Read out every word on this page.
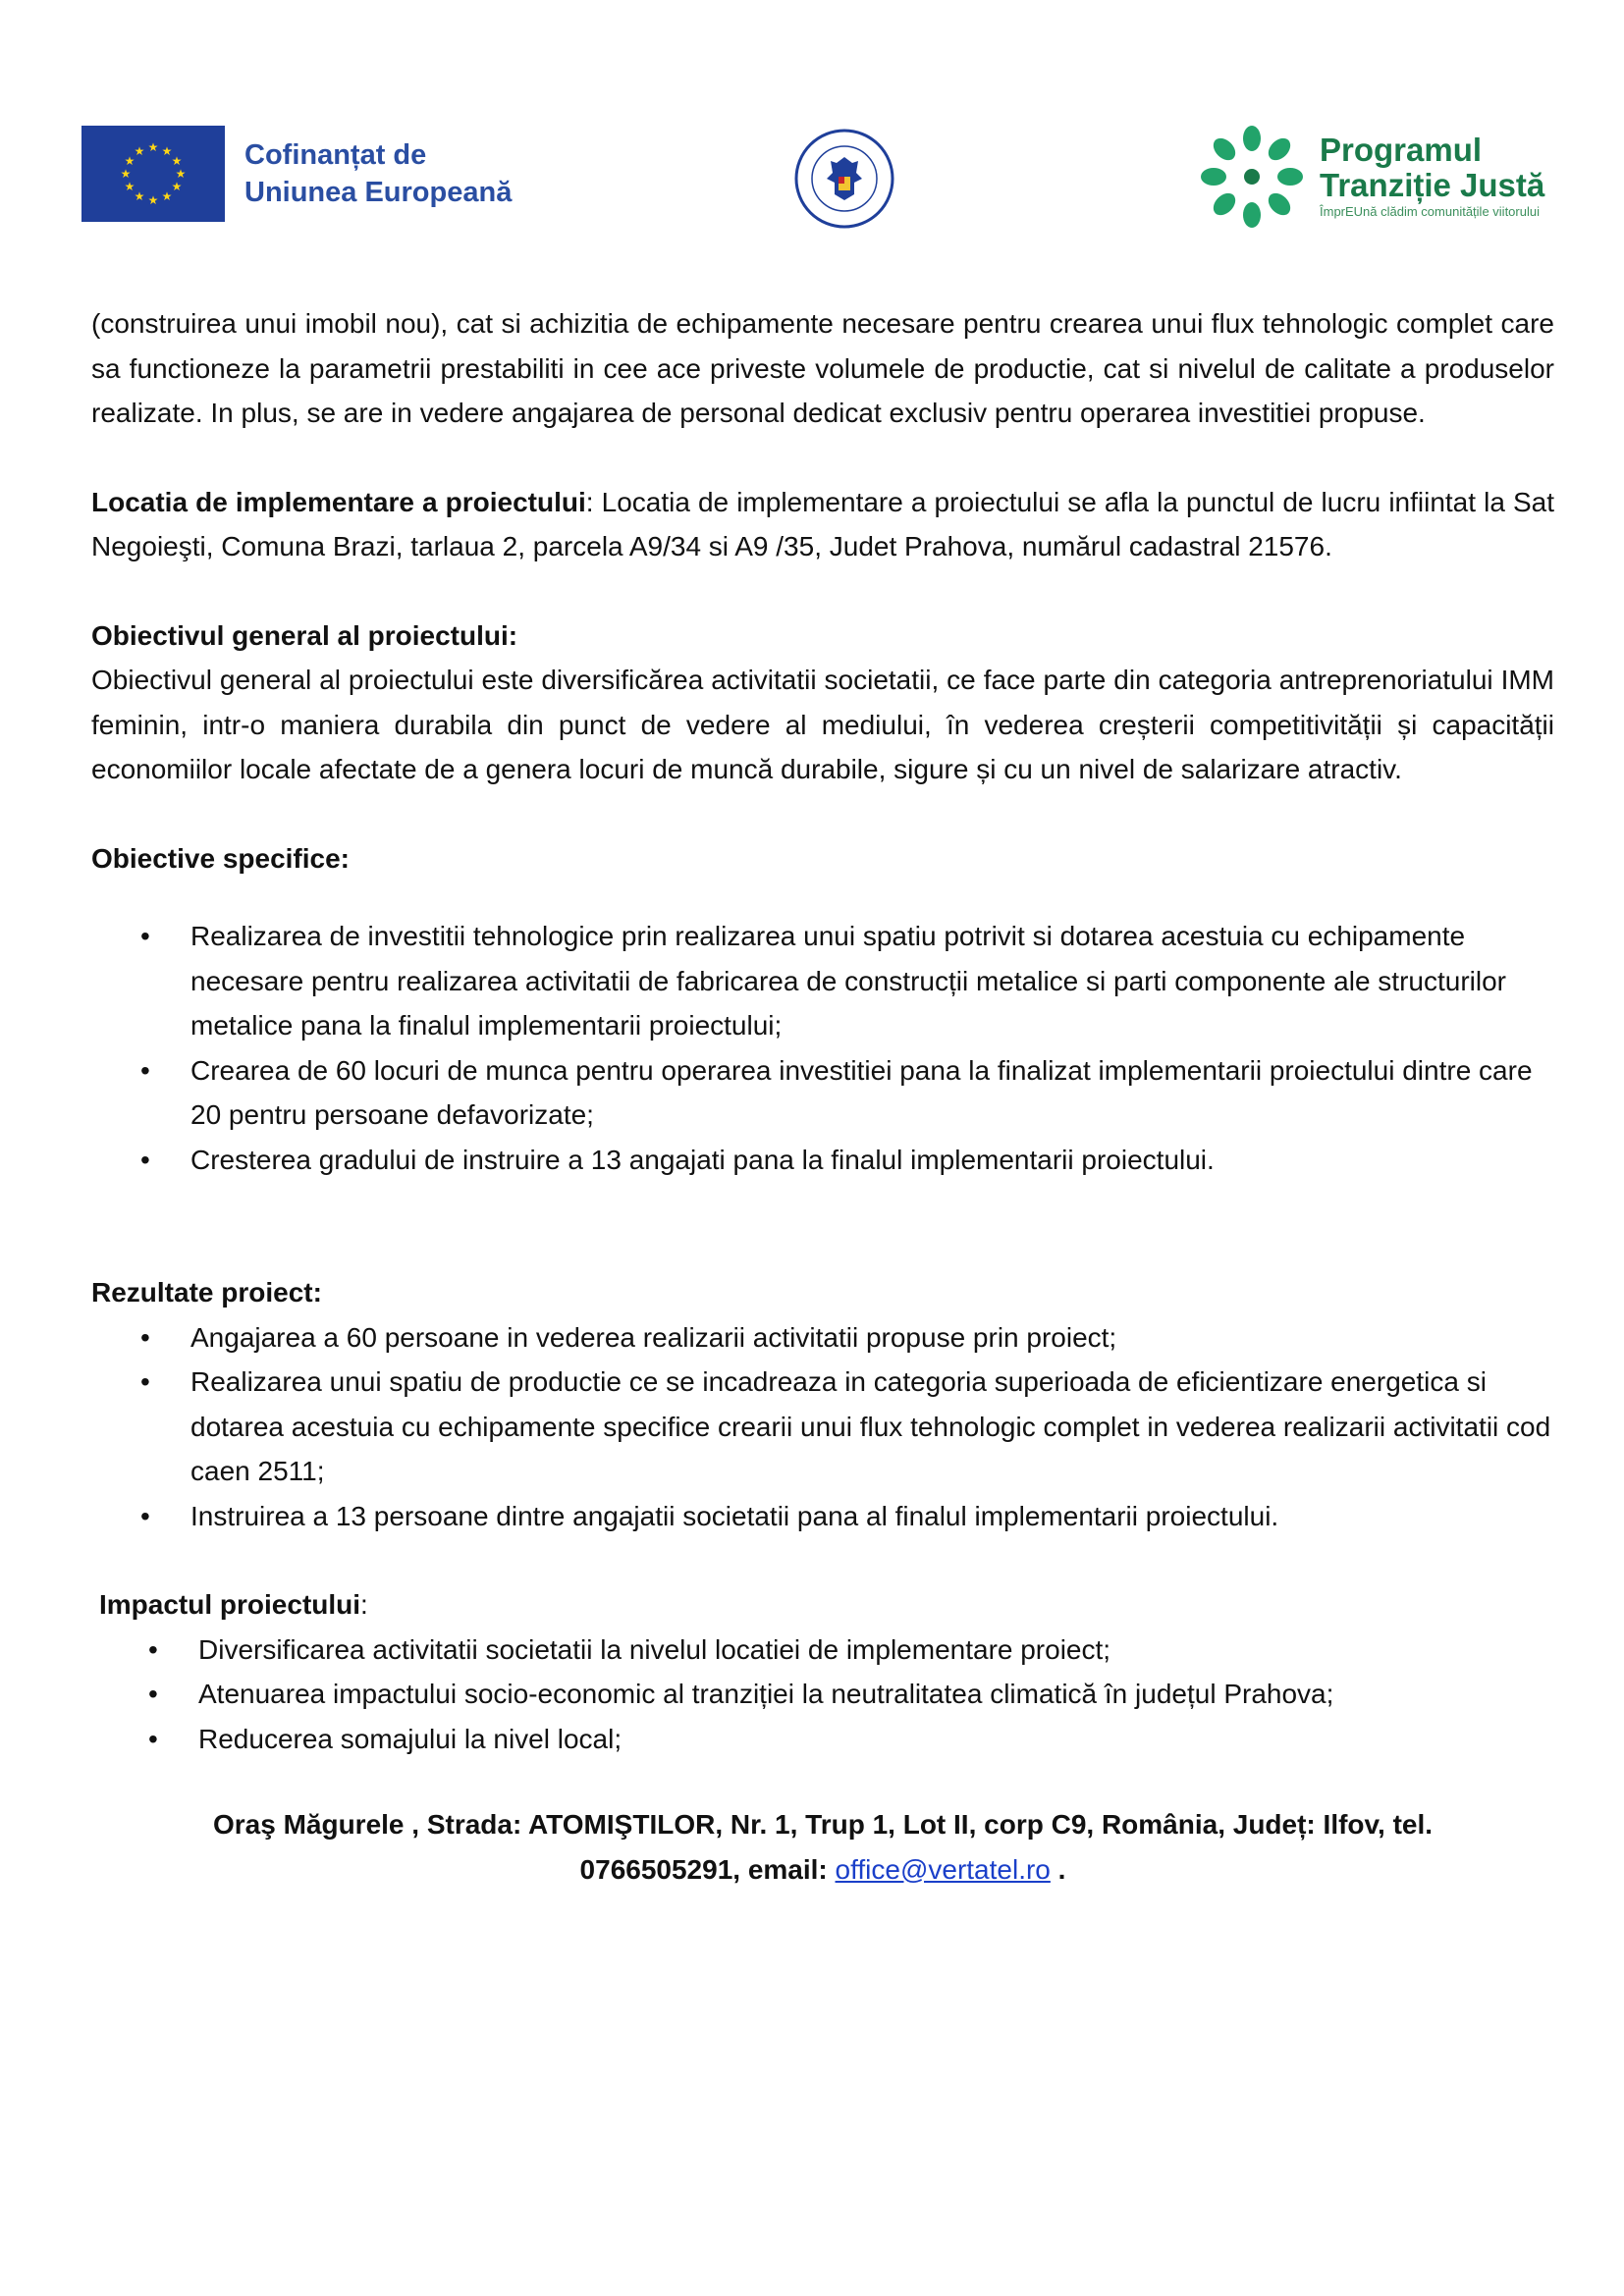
★ ★
★
★
★
★
★
★
★
★
★
★	Cofinanțat de
Uniunea Europeană
Programul
Tranziție Justă
ÎmprEUnă clădim comunitățile viitorului

(construirea unui imobil nou), cat si achizitia de echipamente necesare pentru crearea unui flux tehnologic complet care sa functioneze la parametrii prestabiliti in cee ace priveste volumele de productie, cat si nivelul de calitate a produselor realizate. In plus, se are in vedere angajarea de personal dedicat exclusiv pentru operarea investitiei propuse.

Locatia de implementare a proiectului: Locatia de implementare a proiectului se afla la punctul de lucru infiintat la Sat Negoieşti, Comuna Brazi, tarlaua 2, parcela A9/34 si A9 /35, Judet Prahova, numărul cadastral 21576.

Obiectivul general al proiectului:

Obiectivul general al proiectului este diversificărea activitatii societatii, ce face parte din categoria antreprenoriatului IMM feminin, intr-o maniera durabila din punct de vedere al mediului, în vederea creșterii competitivității și capacității economiilor locale afectate de a genera locuri de muncă durabile, sigure și cu un nivel de salarizare atractiv.

Obiective specifice:

• Realizarea de investitii tehnologice prin realizarea unui spatiu potrivit si dotarea acestuia cu echipamente necesare pentru realizarea activitatii de fabricarea de construcții metalice si parti componente ale structurilor metalice pana la finalul implementarii proiectului;
• Crearea de 60 locuri de munca pentru operarea investitiei pana la finalizat implementarii proiectului dintre care 20 pentru persoane defavorizate;
• Cresterea gradului de instruire a 13 angajati pana la finalul implementarii proiectului.

Rezultate proiect:

• Angajarea a 60 persoane in vederea realizarii activitatii propuse prin proiect;
• Realizarea unui spatiu de productie ce se incadreaza in categoria superioada de eficientizare energetica si dotarea acestuia cu echipamente specifice crearii unui flux tehnologic complet in vederea realizarii activitatii cod caen 2511;
• Instruirea a 13 persoane dintre angajatii societatii pana al finalul implementarii proiectului.

Impactul proiectului:

• Diversificarea activitatii societatii la nivelul locatiei de implementare proiect;
• Atenuarea impactului socio-economic al tranziției la neutralitatea climatică în județul Prahova;
• Reducerea somajului la nivel local;

Oraş Măgurele , Strada: ATOMIŞTILOR, Nr. 1, Trup 1, Lot II, corp C9, România, Județ: Ilfov, tel.

0766505291, email: office@vertatel.ro .
